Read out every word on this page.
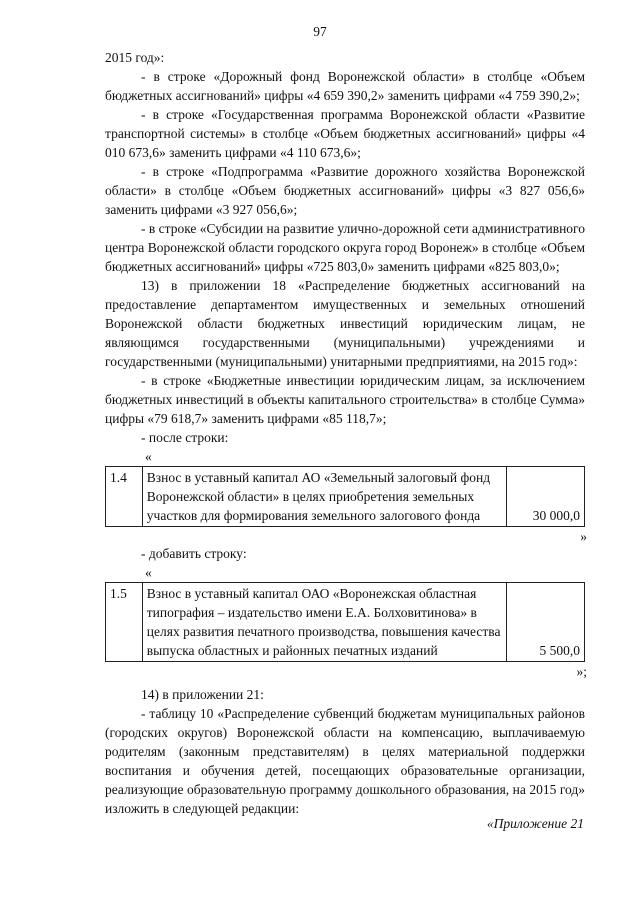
97

2015 год»:

- в строке «Дорожный фонд Воронежской области» в столбце «Объем бюджетных ассигнований» цифры «4 659 390,2» заменить цифрами «4 759 390,2»;

- в строке «Государственная программа Воронежской области «Развитие транспортной системы» в столбце «Объем бюджетных ассигнований» цифры «4 010 673,6» заменить цифрами «4 110 673,6»;

- в строке «Подпрограмма «Развитие дорожного хозяйства Воронежской области» в столбце «Объем бюджетных ассигнований» цифры «3 827 056,6» заменить цифрами «3 927 056,6»;

- в строке «Субсидии на развитие улично-дорожной сети административного центра Воронежской области городского округа город Воронеж» в столбце «Объем бюджетных ассигнований» цифры «725 803,0» заменить цифрами «825 803,0»;

13) в приложении 18 «Распределение бюджетных ассигнований на предоставление департаментом имущественных и земельных отношений Воронежской области бюджетных инвестиций юридическим лицам, не являющимся государственными (муниципальными) учреждениями и государственными (муниципальными) унитарными предприятиями, на 2015 год»:

- в строке «Бюджетные инвестиции юридическим лицам, за исключением бюджетных инвестиций в объекты капитального строительства» в столбце Сумма» цифры «79 618,7» заменить цифрами «85 118,7»;

- после строки:

«
1.4	Взнос в уставный капитал АО «Земельный залоговый фонд Воронежской области» в целях приобретения земельных участков для формирования земельного залогового фонда	30 000,0
»

- добавить строку:

«
1.5	Взнос в уставный капитал ОАО «Воронежская областная типография – издательство имени Е.А. Болховитинова» в целях развития печатного производства, повышения качества выпуска областных и районных печатных изданий	5 500,0
»;

14) в приложении 21:

- таблицу 10 «Распределение субвенций бюджетам муниципальных районов (городских округов) Воронежской области на компенсацию, выплачиваемую родителям (законным представителям) в целях материальной поддержки воспитания и обучения детей, посещающих образовательные организации, реализующие образовательную программу дошкольного образования, на 2015 год» изложить в следующей редакции:

«Приложение 21
